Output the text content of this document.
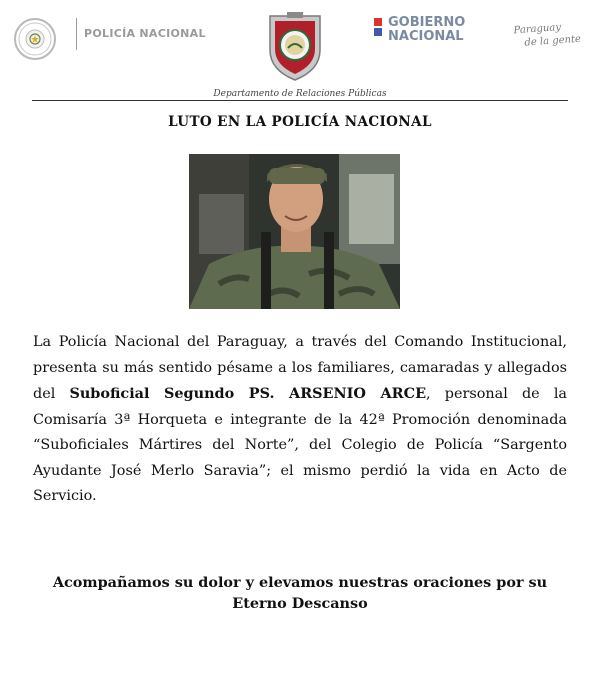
POLICÍA NACIONAL
GOBIERNO
NACIONAL	Paraguay
de la gente
Departamento de Relaciones Públicas
LUTO EN LA POLICÍA NACIONAL

La Policía Nacional del Paraguay, a través del Comando Institucional, presenta su más sentido pésame a los familiares, camaradas y allegados del Suboficial Segundo PS. ARSENIO ARCE, personal de la Comisaría 3ª Horqueta e integrante de la 42ª Promoción denominada “Suboficiales Mártires del Norte”, del Colegio de Policía “Sargento Ayudante José Merlo Saravia”; el mismo perdió la vida en Acto de Servicio.

Acompañamos su dolor y elevamos nuestras oraciones por su Eterno Descanso
